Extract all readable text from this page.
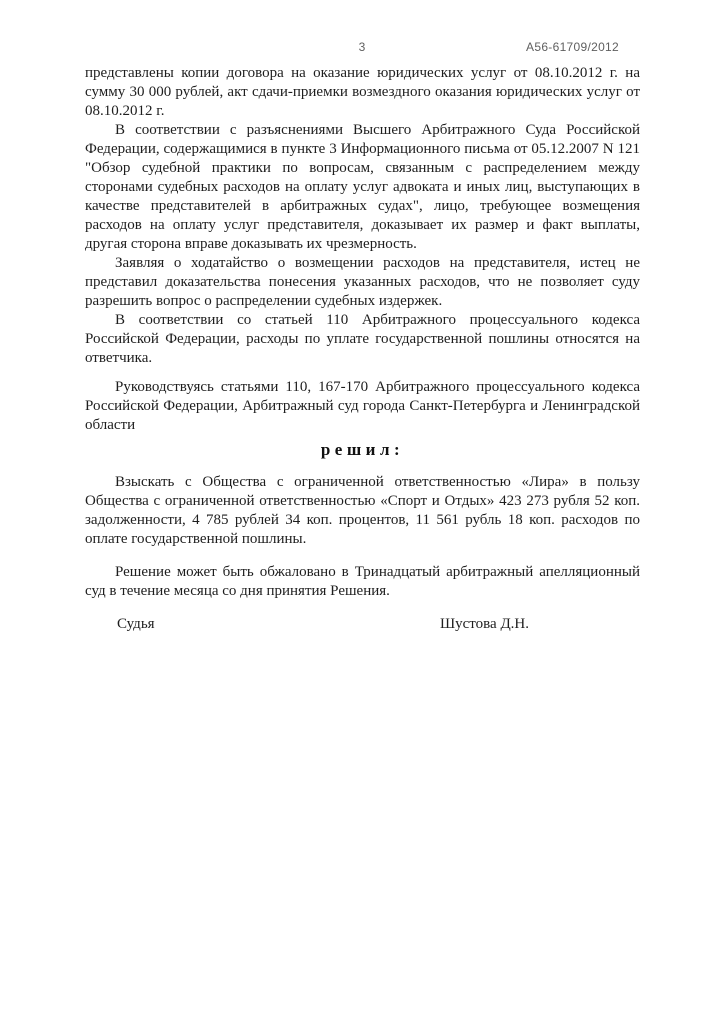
3	А56-61709/2012

представлены копии договора на оказание юридических услуг от 08.10.2012 г. на сумму 30 000 рублей, акт сдачи-приемки возмездного оказания юридических услуг от 08.10.2012 г.

В соответствии с разъяснениями Высшего Арбитражного Суда Российской Федерации, содержащимися в пункте 3 Информационного письма от 05.12.2007 N 121 "Обзор судебной практики по вопросам, связанным с распределением между сторонами судебных расходов на оплату услуг адвоката и иных лиц, выступающих в качестве представителей в арбитражных судах", лицо, требующее возмещения расходов на оплату услуг представителя, доказывает их размер и факт выплаты, другая сторона вправе доказывать их чрезмерность.

Заявляя о ходатайство о возмещении расходов на представителя, истец не представил доказательства понесения указанных расходов, что не позволяет суду разрешить вопрос о распределении судебных издержек.

В соответствии со статьей 110 Арбитражного процессуального кодекса Российской Федерации, расходы по уплате государственной пошлины относятся на ответчика.

Руководствуясь статьями 110, 167-170 Арбитражного процессуального кодекса Российской Федерации, Арбитражный суд города Санкт-Петербурга и Ленинградской области

решил:

Взыскать с Общества с ограниченной ответственностью «Лира» в пользу Общества с ограниченной ответственностью «Спорт и Отдых» 423 273 рубля 52 коп. задолженности, 4 785 рублей 34 коп. процентов, 11 561 рубль 18 коп. расходов по оплате государственной пошлины.

Решение может быть обжаловано в Тринадцатый арбитражный апелляционный суд в течение месяца со дня принятия Решения.

Судья	Шустова Д.Н.
